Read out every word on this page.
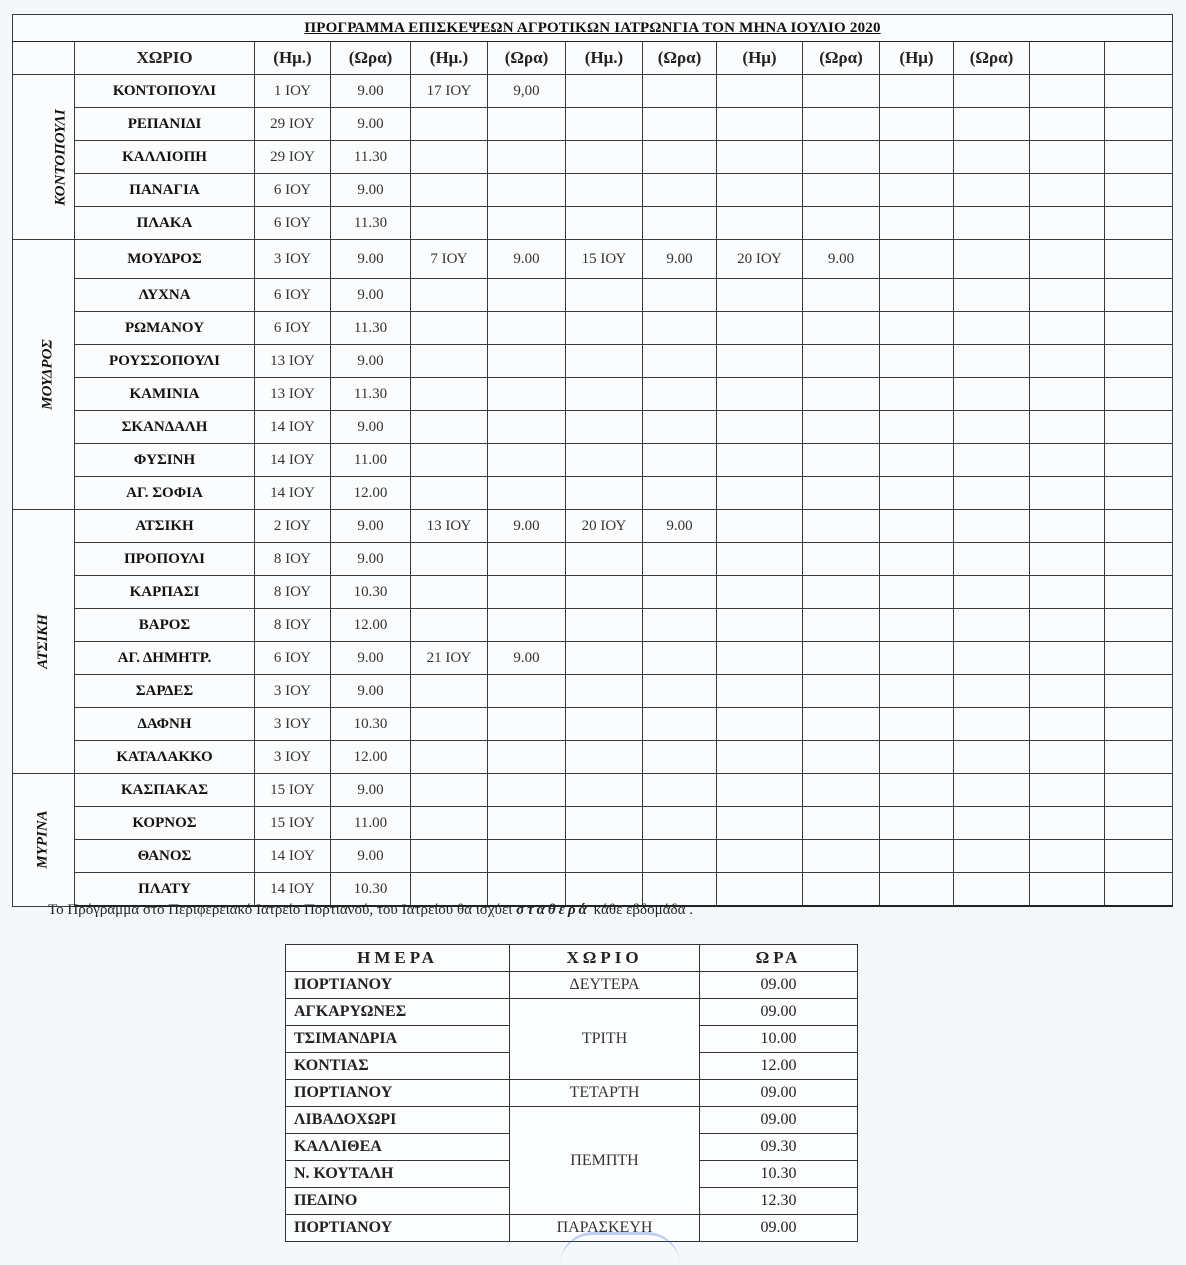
ΠΡΟΓΡΑΜΜΑ ΕΠΙΣΚΕΨΕΩΝ ΑΓΡΟΤΙΚΩΝ ΙΑΤΡΩΝΓΙΑ ΤΟΝ ΜΗΝΑ ΙΟΥΛΙΟ 2020													
	ΧΩΡΙΟ	(Ημ.)	(Ωρα)	(Ημ.)	(Ωρα)	(Ημ.)	(Ωρα)	(Ημ)	(Ωρα)	(Ημ)	(Ωρα)		
ΚΟΝΤΟΠΟΥΛΙ	ΚΟΝΤΟΠΟΥΛΙ	1 ΙΟΥ	9.00	17 ΙΟΥ	9,00								
	ΡΕΠΑΝΙΔΙ	29 ΙΟΥ	9.00										
	ΚΑΛΛΙΟΠΗ	29 ΙΟΥ	11.30										
	ΠΑΝΑΓΙΑ	6 ΙΟΥ	9.00										
	ΠΛΑΚΑ	6 ΙΟΥ	11.30										
ΜΟΥΔΡΟΣ	ΜΟΥΔΡΟΣ	3 ΙΟΥ	9.00	7 ΙΟΥ	9.00	15 ΙΟΥ	9.00	20 ΙΟΥ	9.00				
	ΛΥΧΝΑ	6 ΙΟΥ	9.00										
	ΡΩΜΑΝΟΥ	6 ΙΟΥ	11.30										
	ΡΟΥΣΣΟΠΟΥΛΙ	13 ΙΟΥ	9.00										
	ΚΑΜΙΝΙΑ	13 ΙΟΥ	11.30										
	ΣΚΑΝΔΑΛΗ	14 ΙΟΥ	9.00										
	ΦΥΣΙΝΗ	14 ΙΟΥ	11.00										
	ΑΓ. ΣΟΦΙΑ	14 ΙΟΥ	12.00										
ΑΤΣΙΚΗ	ΑΤΣΙΚΗ	2 ΙΟΥ	9.00	13 ΙΟΥ	9.00	20 ΙΟΥ	9.00						
	ΠΡΟΠΟΥΛΙ	8 ΙΟΥ	9.00										
	ΚΑΡΠΑΣΙ	8 ΙΟΥ	10.30										
	ΒΑΡΟΣ	8 ΙΟΥ	12.00										
	ΑΓ. ΔΗΜΗΤΡ.	6 ΙΟΥ	9.00	21 ΙΟΥ	9.00								
	ΣΑΡΔΕΣ	3 ΙΟΥ	9.00										
	ΔΑΦΝΗ	3 ΙΟΥ	10.30										
	ΚΑΤΑΛΑΚΚΟ	3 ΙΟΥ	12.00										
ΜΥΡΙΝΑ	ΚΑΣΠΑΚΑΣ	15 ΙΟΥ	9.00										
	ΚΟΡΝΟΣ	15 ΙΟΥ	11.00										
	ΘΑΝΟΣ	14 ΙΟΥ	9.00										
	ΠΛΑΤΥ	14 ΙΟΥ	10.30										
Το Πρόγραμμα στο Περιφερειακό Ιατρείο Πορτιανού, του Ιατρείου θα ισχύει σταθερά κάθε εβδομάδα .
ΗΜΕΡΑ	ΧΩΡΙΟ	ΩΡΑ
ΠΟΡΤΙΑΝΟΥ	ΔΕΥΤΕΡΑ	09.00
ΑΓΚΑΡΥΩΝΕΣ	ΤΡΙΤΗ	09.00
ΤΣΙΜΑΝΔΡΙΑ		10.00
ΚΟΝΤΙΑΣ		12.00
ΠΟΡΤΙΑΝΟΥ	ΤΕΤΑΡΤΗ	09.00
ΛΙΒΑΔΟΧΩΡΙ	ΠΕΜΠΤΗ	09.00
ΚΑΛΛΙΘΕΑ		09.30
Ν. ΚΟΥΤΑΛΗ		10.30
ΠΕΔΙΝΟ		12.30
ΠΟΡΤΙΑΝΟΥ	ΠΑΡΑΣΚΕΥΗ	09.00
